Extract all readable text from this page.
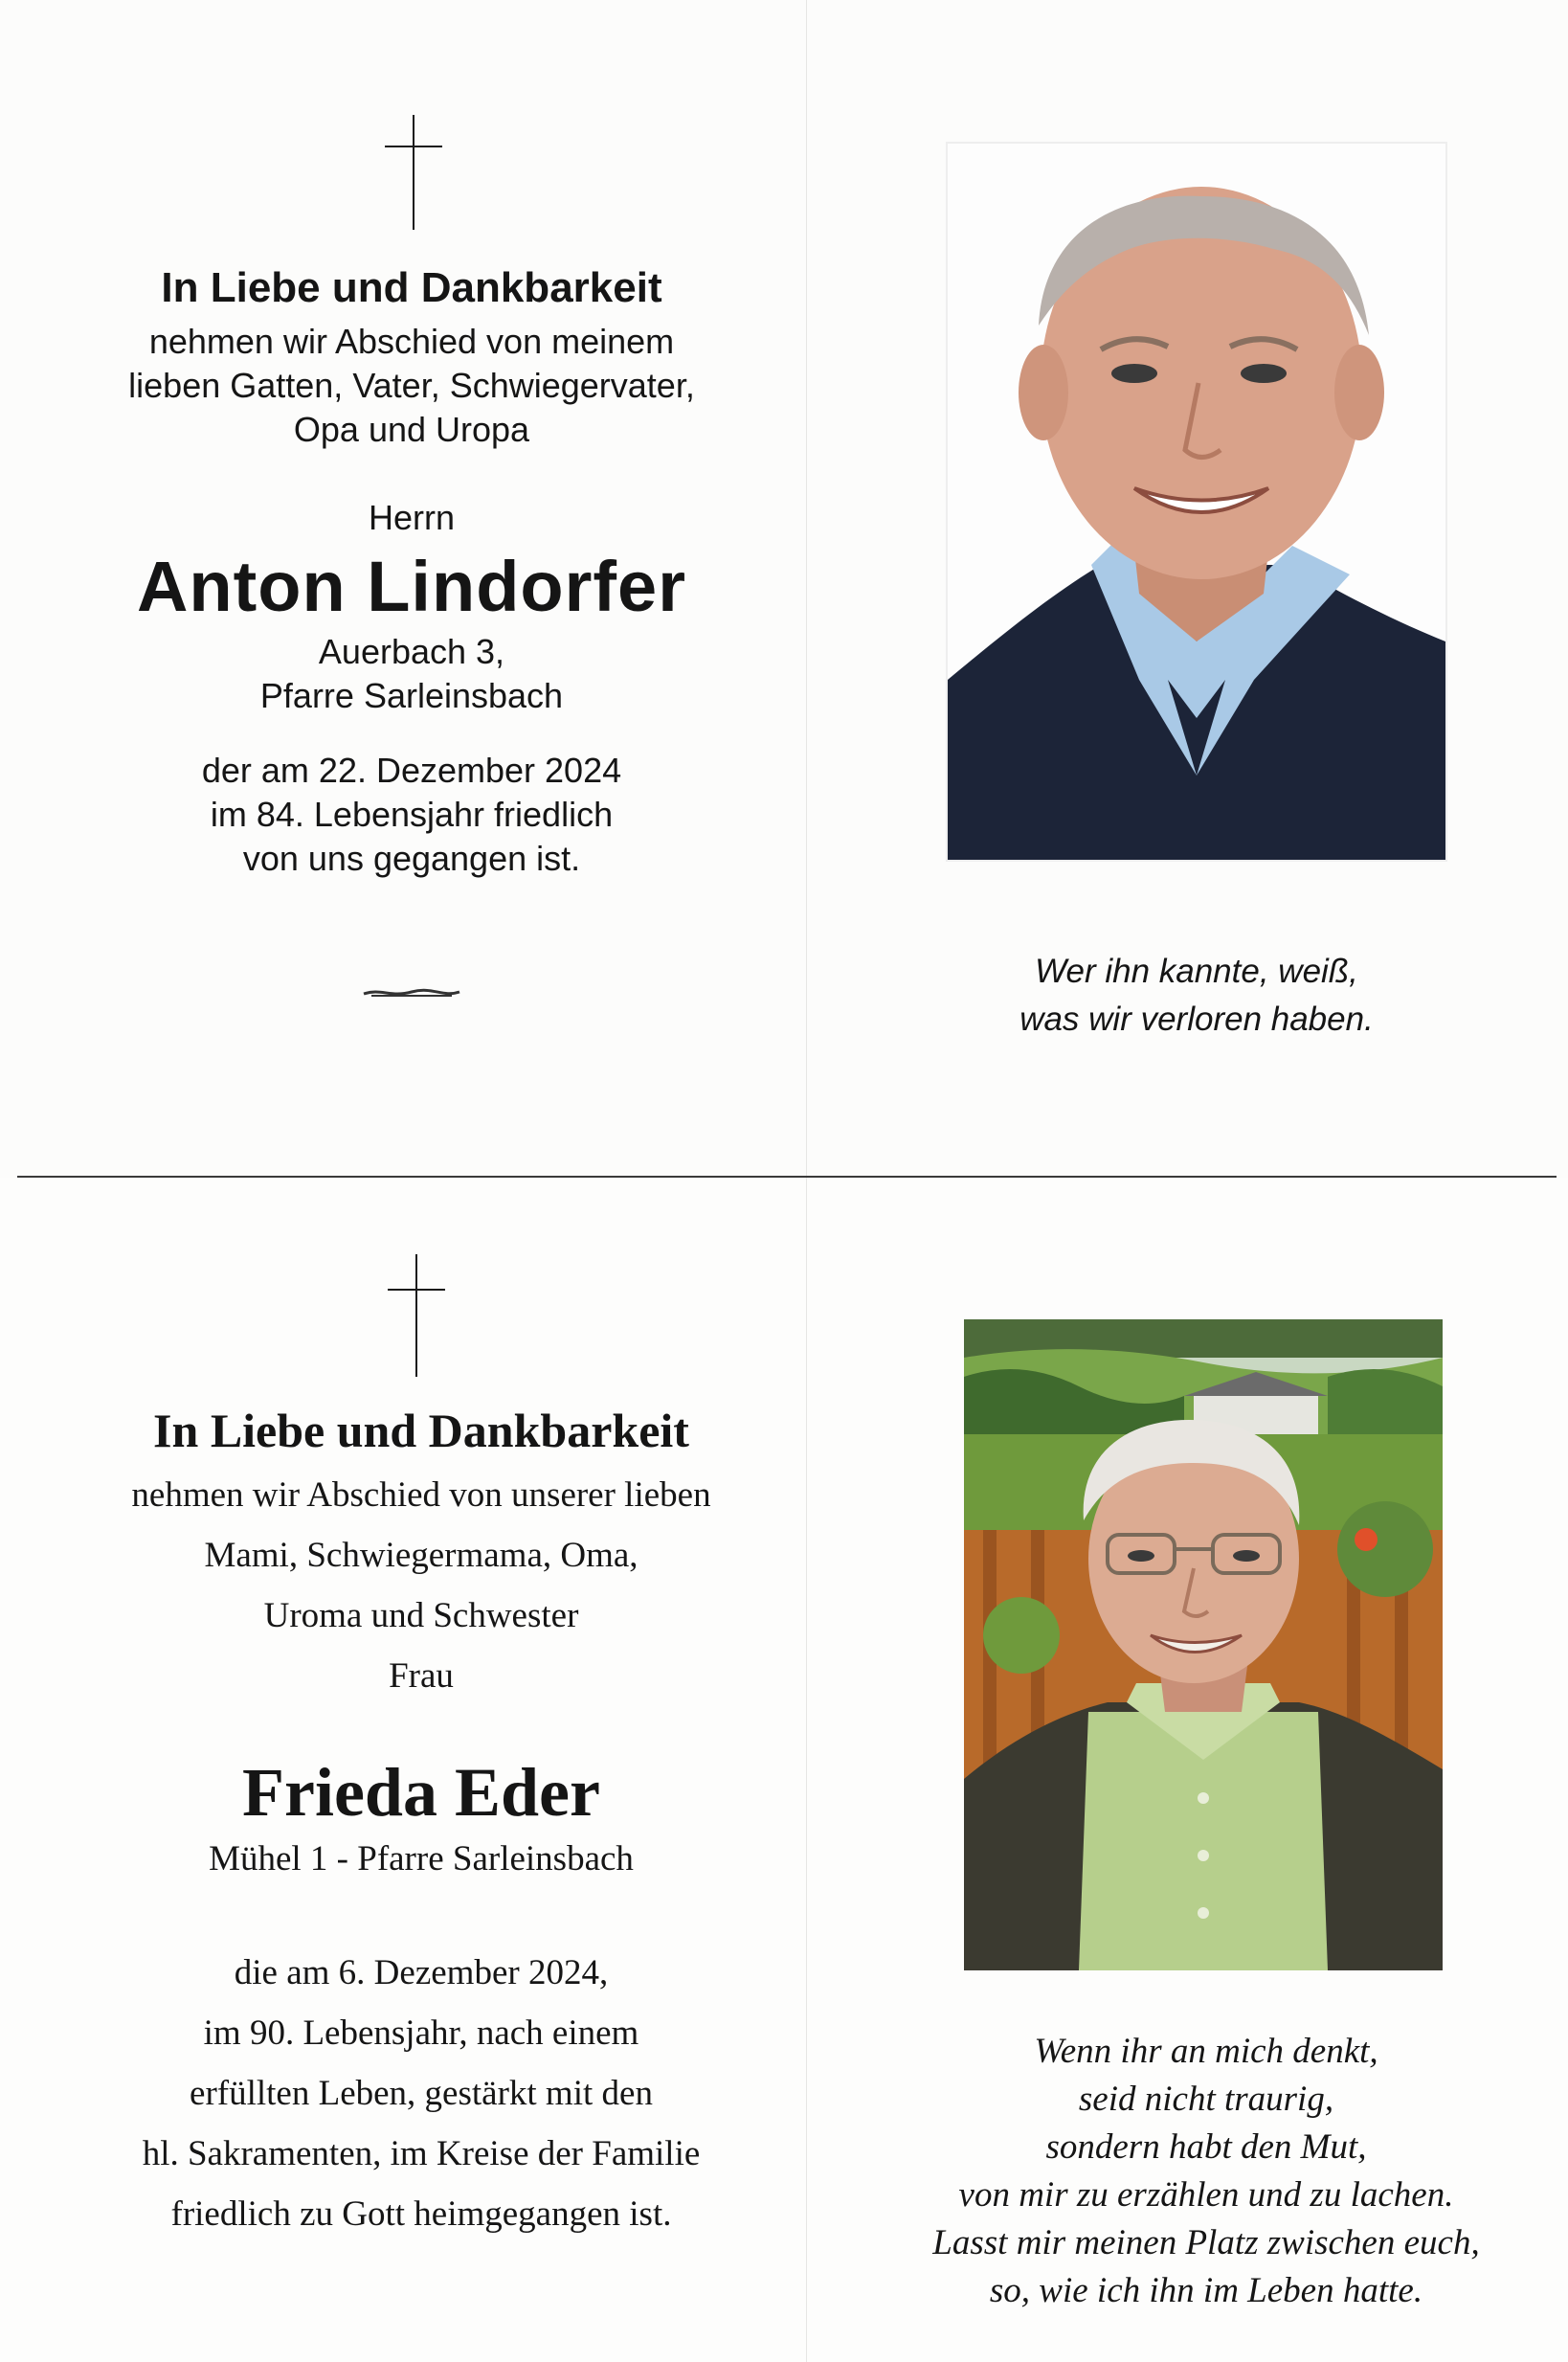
In Liebe und Dankbarkeit
nehmen wir Abschied von meinem
lieben Gatten, Vater, Schwiegervater,
Opa und Uropa
Herrn
Anton Lindorfer
Auerbach 3,
Pfarre Sarleinsbach
der am 22. Dezember 2024
im 84. Lebensjahr friedlich
von uns gegangen ist.
Wer ihn kannte, weiß,
was wir verloren haben.
In Liebe und Dankbarkeit
nehmen wir Abschied von unserer lieben
Mami, Schwiegermama, Oma,
Uroma und Schwester
Frau
Frieda Eder
Mühel 1 - Pfarre Sarleinsbach
die am 6. Dezember 2024,
im 90. Lebensjahr, nach einem
erfüllten Leben, gestärkt mit den
hl. Sakramenten, im Kreise der Familie
friedlich zu Gott heimgegangen ist.
Wenn ihr an mich denkt,
seid nicht traurig,
sondern habt den Mut,
von mir zu erzählen und zu lachen.
Lasst mir meinen Platz zwischen euch,
so, wie ich ihn im Leben hatte.
